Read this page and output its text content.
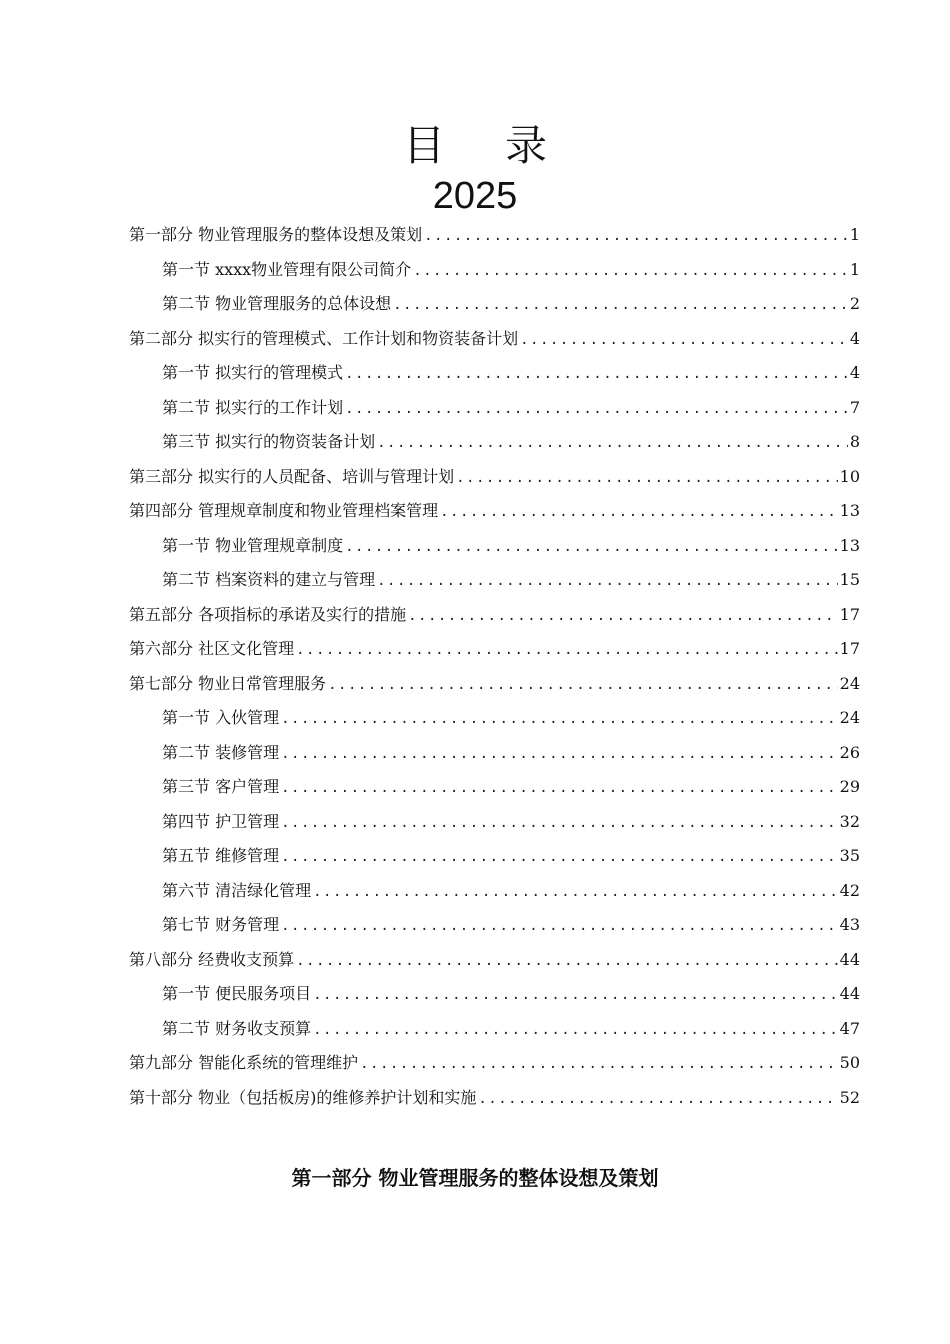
目 录
2025
第一部分 物业管理服务的整体设想及策划 .....	1
第一节 xxxx物业管理有限公司简介 .....	1
第二节 物业管理服务的总体设想 .....	2
第二部分 拟实行的管理模式、工作计划和物资装备计划 .....	4
第一节 拟实行的管理模式 .....	4
第二节 拟实行的工作计划 .....	7
第三节 拟实行的物资装备计划 .....	8
第三部分 拟实行的人员配备、培训与管理计划 .....	10
第四部分 管理规章制度和物业管理档案管理 .....	13
第一节 物业管理规章制度 .....	13
第二节 档案资料的建立与管理 .....	15
第五部分 各项指标的承诺及实行的措施 .....	17
第六部分 社区文化管理 .....	17
第七部分 物业日常管理服务 .....	24
第一节 入伙管理 .....	24
第二节 装修管理 .....	26
第三节 客户管理 .....	29
第四节 护卫管理 .....	32
第五节 维修管理 .....	35
第六节 清洁绿化管理 .....	42
第七节 财务管理 .....	43
第八部分 经费收支预算 .....	44
第一节 便民服务项目 .....	44
第二节 财务收支预算 .....	47
第九部分 智能化系统的管理维护 .....	50
第十部分 物业（包括板房)的维修养护计划和实施 .....	52
第一部分 物业管理服务的整体设想及策划
